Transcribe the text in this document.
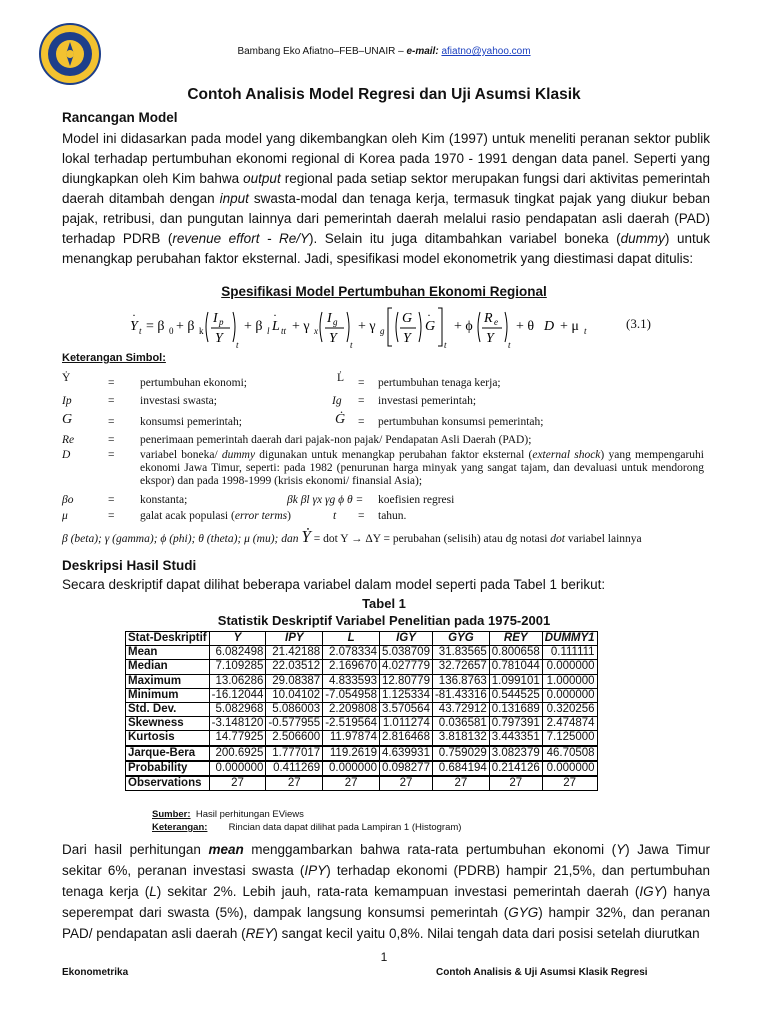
Bambang Eko Afiatno–FEB–UNAIR – e-mail: afiatno@yahoo.com
Contoh Analisis Model Regresi dan Uji Asumsi Klasik
Rancangan Model
Model ini didasarkan pada model yang dikembangkan oleh Kim (1997) untuk meneliti peranan sektor publik lokal terhadap pertumbuhan ekonomi regional di Korea pada 1970 - 1991 dengan data panel. Seperti yang diungkapkan oleh Kim bahwa output regional pada setiap sektor merupakan fungsi dari aktivitas pemerintah daerah ditambah dengan input swasta-modal dan tenaga kerja, termasuk tingkat pajak yang diukur beban pajak, retribusi, dan pungutan lainnya dari pemerintah daerah melalui rasio pendapatan asli daerah (PAD) terhadap PDRB (revenue effort - Re/Y). Selain itu juga ditambahkan variabel boneka (dummy) untuk menangkap perubahan faktor eksternal. Jadi, spesifikasi model ekonometrik yang diestimasi dapat ditulis:
Spesifikasi Model Pertumbuhan Ekonomi Regional
Y
·
t = β 0 + β k
I p
Y t
+ β l L
·
tt + γ x
I g
Y t
+ γ g
G
Y
G
·
t
+ ϕ
R e
Y t
+ θ D + μ t	(3.1)
Keterangan Simbol:
Ẏ	= pertumbuhan ekonomi;	L̇ = pertumbuhan tenaga kerja;
Ip	= investasi swasta;	Ig = investasi pemerintah;
G	= konsumsi pemerintah;	Ġ = pertumbuhan konsumsi pemerintah;
Re	= penerimaan pemerintah daerah dari pajak-non pajak/ Pendapatan Asli Daerah (PAD);
D	= variabel boneka/ dummy digunakan untuk menangkap perubahan faktor eksternal (external shock) yang mempengaruhi ekonomi Jawa Timur, seperti: pada 1982 (penurunan harga minyak yang sangat tajam, dan devaluasi untuk mendorong ekspor) dan pada 1998-1999 (krisis ekonomi/ finansial Asia);
βo	= konstanta;	βk βl γx γg ϕ θ = koefisien regresi
μ	= galat acak populasi (error terms)	t = tahun.
β (beta); γ (gamma); ϕ (phi); θ (theta); μ (mu); dan Ẏ = dot Y → ΔY = perubahan (selisih) atau dg notasi dot variabel lainnya
Deskripsi Hasil Studi
Secara deskriptif dapat dilihat beberapa variabel dalam model seperti pada Tabel 1 berikut:
Tabel 1
Statistik Deskriptif Variabel Penelitian pada 1975-2001
Stat-Deskriptif	Y	IPY	L	IGY	GYG	REY	DUMMY1
Mean	6.082498	21.42188	2.078334	5.038709	31.83565	0.800658	0.111111
Median	7.109285	22.03512	2.169670	4.027779	32.72657	0.781044	0.000000
Maximum	13.06286	29.08387	4.833593	12.80779	136.8763	1.099101	1.000000
Minimum	-16.12044	10.04102	-7.054958	1.125334	-81.43316	0.544525	0.000000
Std. Dev.	5.082968	5.086003	2.209808	3.570564	43.72912	0.131689	0.320256
Skewness	-3.148120	-0.577955	-2.519564	1.011274	0.036581	0.797391	2.474874
Kurtosis	14.77925	2.506600	11.97874	2.816468	3.818132	3.443351	7.125000
Jarque-Bera	200.6925	1.777017	119.2619	4.639931	0.759029	3.082379	46.70508
Probability	0.000000	0.411269	0.000000	0.098277	0.684194	0.214126	0.000000
Observations	27	27	27	27	27	27	27
Sumber: Hasil perhitungan EViews
Keterangan: Rincian data dapat dilihat pada Lampiran 1 (Histogram)
Dari hasil perhitungan mean menggambarkan bahwa rata-rata pertumbuhan ekonomi (Y) Jawa Timur sekitar 6%, peranan investasi swasta (IPY) terhadap ekonomi (PDRB) hampir 21,5%, dan pertumbuhan tenaga kerja (L) sekitar 2%. Lebih jauh, rata-rata kemampuan investasi pemerintah daerah (IGY) hanya seperempat dari swasta (5%), dampak langsung konsumsi pemerintah (GYG) hampir 32%, dan peranan PAD/ pendapatan asli daerah (REY) sangat kecil yaitu 0,8%. Nilai tengah data dari posisi setelah diurutkan
1
Ekonometrika	Contoh Analisis & Uji Asumsi Klasik Regresi
